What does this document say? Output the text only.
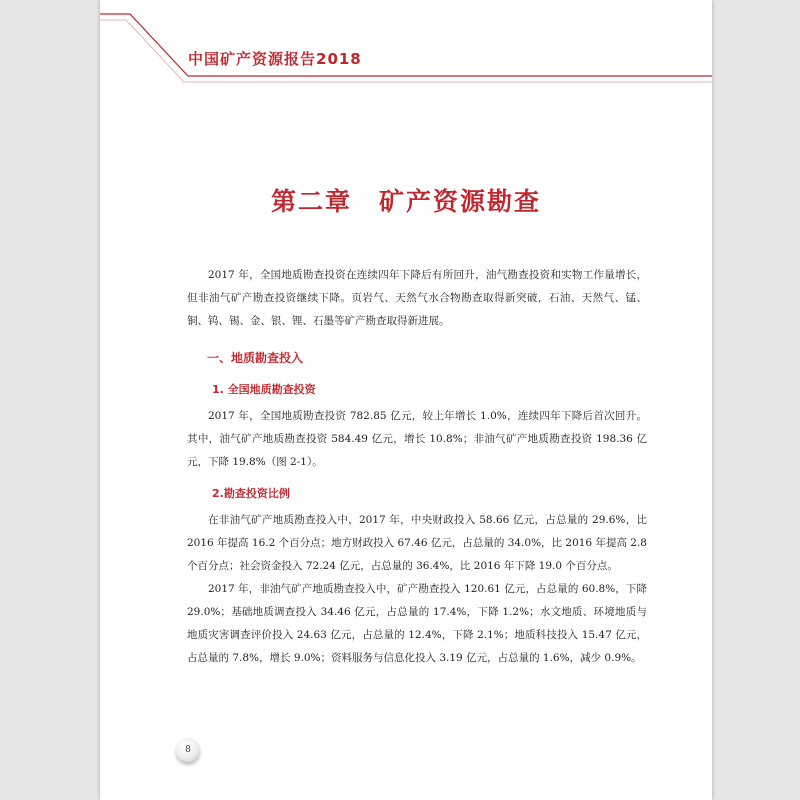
中国矿产资源报告2018
第二章　矿产资源勘查

2017 年，全国地质勘查投资在连续四年下降后有所回升，油气勘查投资和实物工作量增长，但非油气矿产勘查投资继续下降。页岩气、天然气水合物勘查取得新突破，石油、天然气、锰、铜、钨、锡、金、银、锂、石墨等矿产勘查取得新进展。

一、地质勘查投入
1. 全国地质勘查投资

2017 年，全国地质勘查投资 782.85 亿元，较上年增长 1.0%，连续四年下降后首次回升。其中，油气矿产地质勘查投资 584.49 亿元，增长 10.8%；非油气矿产地质勘查投资 198.36 亿元，下降 19.8%（图 2-1）。

2.勘查投资比例

在非油气矿产地质勘查投入中，2017 年，中央财政投入 58.66 亿元，占总量的 29.6%，比 2016 年提高 16.2 个百分点；地方财政投入 67.46 亿元，占总量的 34.0%，比 2016 年提高 2.8 个百分点；社会资金投入 72.24 亿元，占总量的 36.4%，比 2016 年下降 19.0 个百分点。

2017 年，非油气矿产地质勘查投入中，矿产勘查投入 120.61 亿元，占总量的 60.8%，下降 29.0%；基础地质调查投入 34.46 亿元，占总量的 17.4%，下降 1.2%；水文地质、环境地质与地质灾害调查评价投入 24.63 亿元，占总量的 12.4%，下降 2.1%；地质科技投入 15.47 亿元，占总量的 7.8%，增长 9.0%；资料服务与信息化投入 3.19 亿元，占总量的 1.6%，减少 0.9%。

8
